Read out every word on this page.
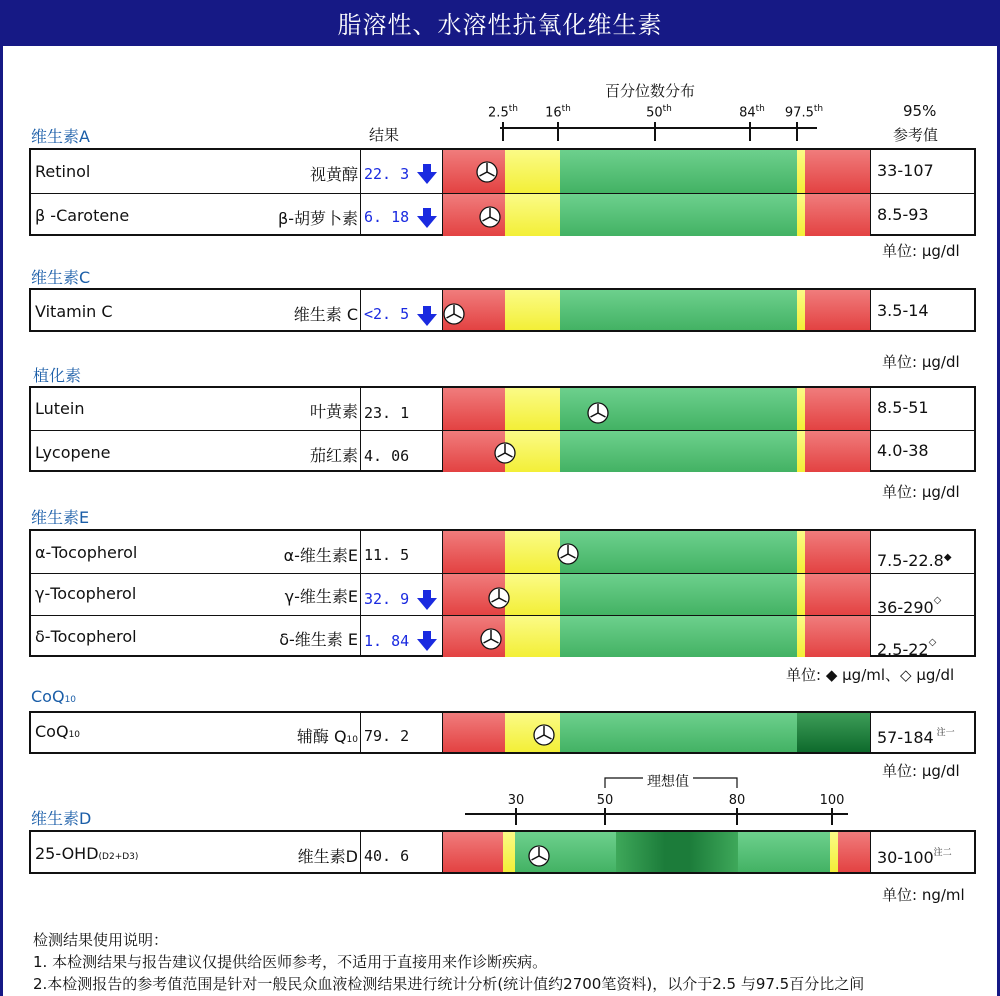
脂溶性、水溶性抗氧化维生素
百分位数分布
2.5th 16th	50th	84th 97.5th	95%
参考值
结果
维生素A
Retinol	视黄醇 22. 3	33-107
β -Carotene	β-胡萝卜素 6. 18	8.5-93
单位: μg/dl
维生素C
Vitamin C	维生素 C <2. 5	3.5-14
单位: μg/dl
植化素
Lutein	叶黄素 23. 1	8.5-51
Lycopene	茄红素 4. 06	4.0-38
单位: μg/dl
维生素E
α-Tocopherol	α-维生素E 11. 5	7.5-22.8◆
γ-Tocopherol	γ-维生素E 32. 9	36-290◇
δ-Tocopherol	δ-维生素 E 1. 84	2.5-22◇
单位: ◆ μg/ml、◇ μg/dl
CoQ10
CoQ10	辅酶 Q10 79. 2	57-184 $^{注一}$
单位: μg/dl
维生素D
理想值
30	50	80	100
25-OHD(D2+D3)	维生素D 40. 6	$30-100^{注二}$
单位: ng/ml
检测结果使用说明：
1. 本检测结果与报告建议仅提供给医师参考，不适用于直接用来作诊断疾病。
2.本检测报告的参考值范围是针对一般民众血液检测结果进行统计分析(统计值约2700笔资料)，以介于2.5 与97.5百分比之间
